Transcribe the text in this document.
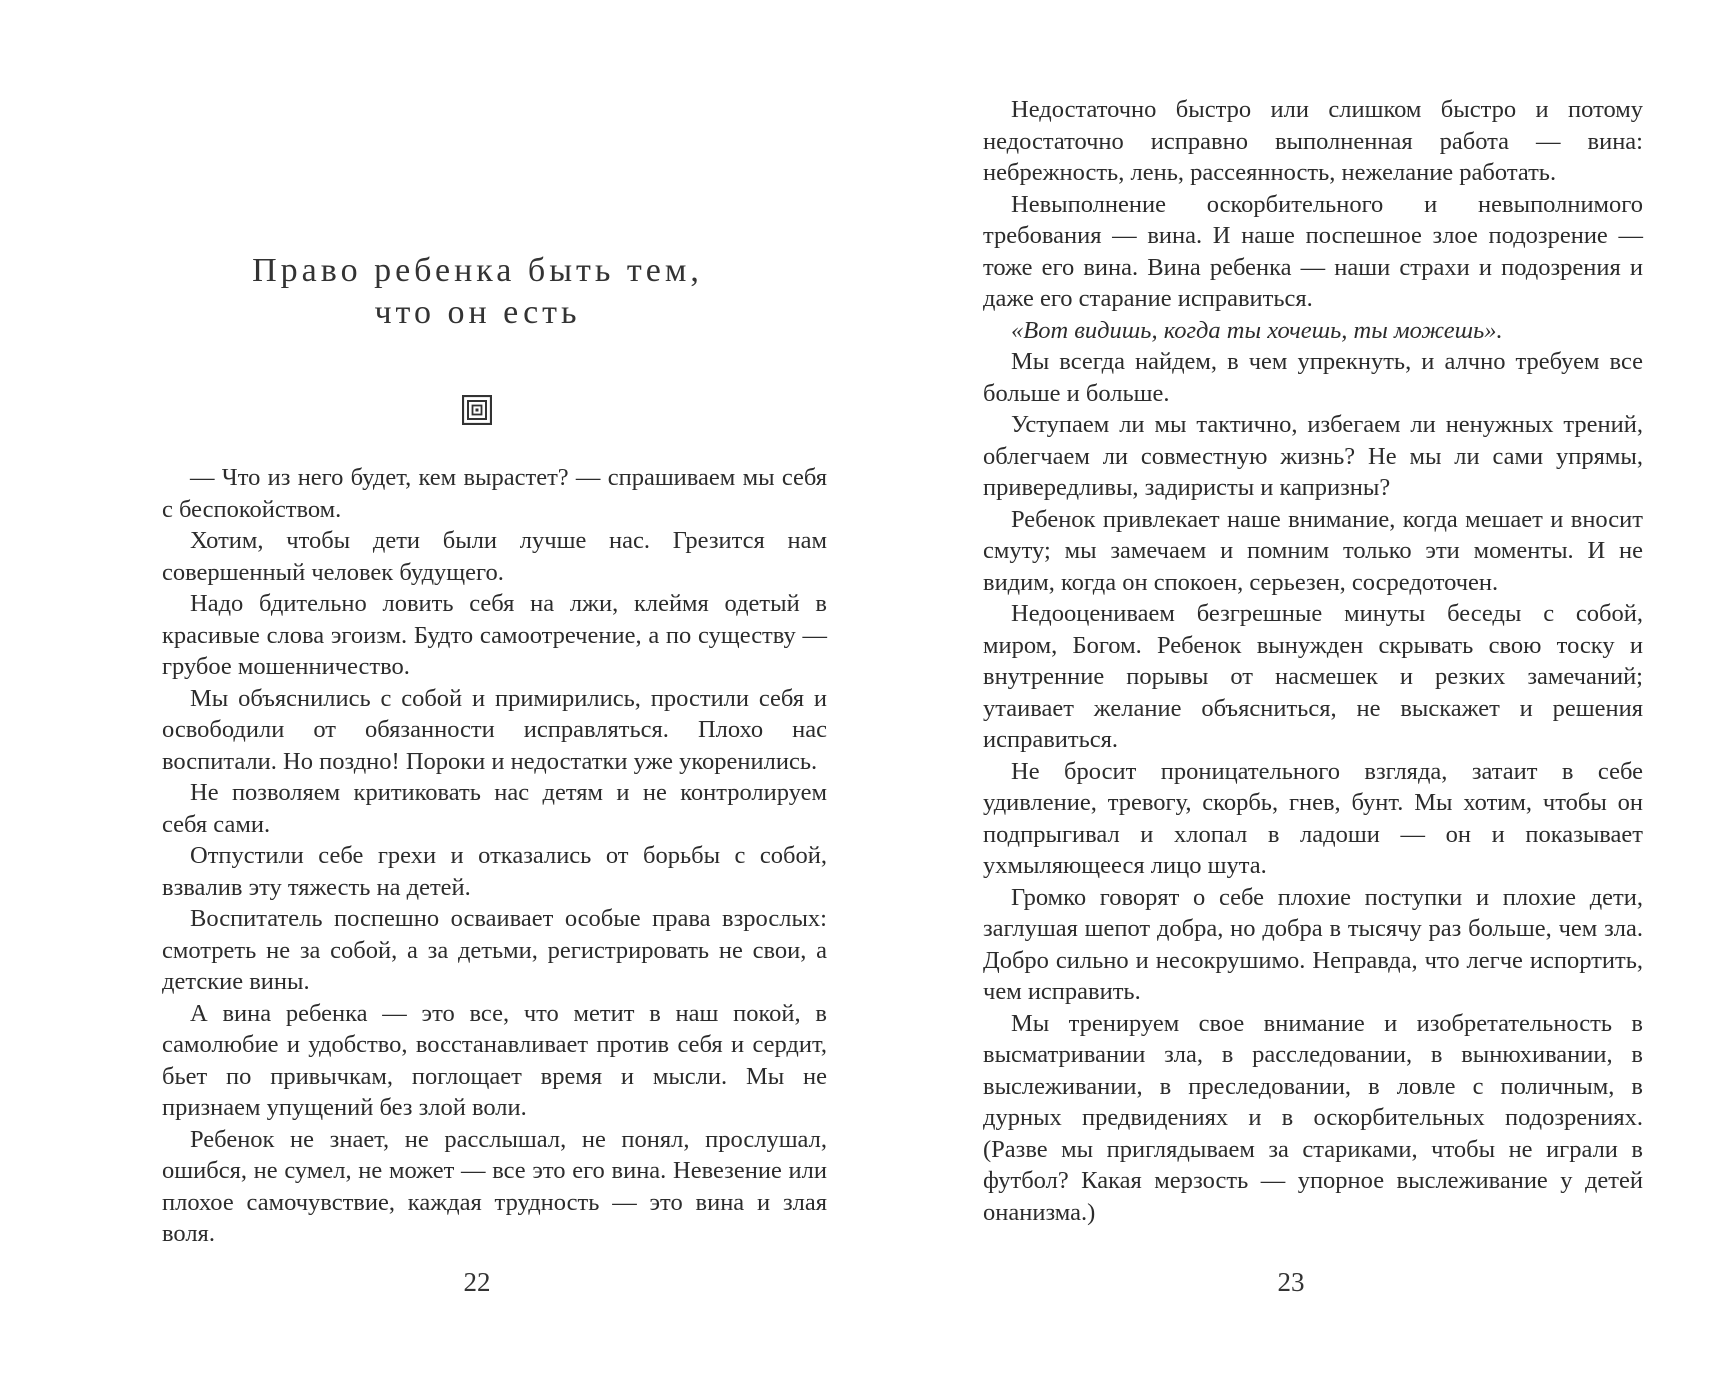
Право ребенка быть тем,
что он есть

— Что из него будет, кем вырастет? — спрашиваем мы себя с беспокойством.

Хотим, чтобы дети были лучше нас. Грезится нам совершенный человек будущего.

Надо бдительно ловить себя на лжи, клеймя одетый в красивые слова эгоизм. Будто самоотречение, а по существу — грубое мошенничество.

Мы объяснились с собой и примирились, простили себя и освободили от обязанности исправляться. Плохо нас воспитали. Но поздно! Пороки и недостатки уже укоренились.

Не позволяем критиковать нас детям и не контролируем себя сами.

Отпустили себе грехи и отказались от борьбы с собой, взвалив эту тяжесть на детей.

Воспитатель поспешно осваивает особые права взрослых: смотреть не за собой, а за детьми, регистрировать не свои, а детские вины.

А вина ребенка — это все, что метит в наш покой, в самолюбие и удобство, восстанавливает против себя и сердит, бьет по привычкам, поглощает время и мысли. Мы не признаем упущений без злой воли.

Ребенок не знает, не расслышал, не понял, прослушал, ошибся, не сумел, не может — все это его вина. Невезение или плохое самочувствие, каждая трудность — это вина и злая воля.

22

Недостаточно быстро или слишком быстро и потому недостаточно исправно выполненная работа — вина: небрежность, лень, рассеянность, нежелание работать.

Невыполнение оскорбительного и невыполнимого требования — вина. И наше поспешное злое подозрение — тоже его вина. Вина ребенка — наши страхи и подозрения и даже его старание исправиться.

«Вот видишь, когда ты хочешь, ты можешь».

Мы всегда найдем, в чем упрекнуть, и алчно требуем все больше и больше.

Уступаем ли мы тактично, избегаем ли ненужных трений, облегчаем ли совместную жизнь? Не мы ли сами упрямы, привередливы, задиристы и капризны?

Ребенок привлекает наше внимание, когда мешает и вносит смуту; мы замечаем и помним только эти моменты. И не видим, когда он спокоен, серьезен, сосредоточен.

Недооцениваем безгрешные минуты беседы с собой, миром, Богом. Ребенок вынужден скрывать свою тоску и внутренние порывы от насмешек и резких замечаний; утаивает желание объясниться, не выскажет и решения исправиться.

Не бросит проницательного взгляда, затаит в себе удивление, тревогу, скорбь, гнев, бунт. Мы хотим, чтобы он подпрыгивал и хлопал в ладоши — он и показывает ухмыляющееся лицо шута.

Громко говорят о себе плохие поступки и плохие дети, заглушая шепот добра, но добра в тысячу раз больше, чем зла. Добро сильно и несокрушимо. Неправда, что легче испортить, чем исправить.

Мы тренируем свое внимание и изобретательность в высматривании зла, в расследовании, в вынюхивании, в выслеживании, в преследовании, в ловле с поличным, в дурных предвидениях и в оскорбительных подозрениях. (Разве мы приглядываем за стариками, чтобы не играли в футбол? Какая мерзость — упорное выслеживание у детей онанизма.)

23
